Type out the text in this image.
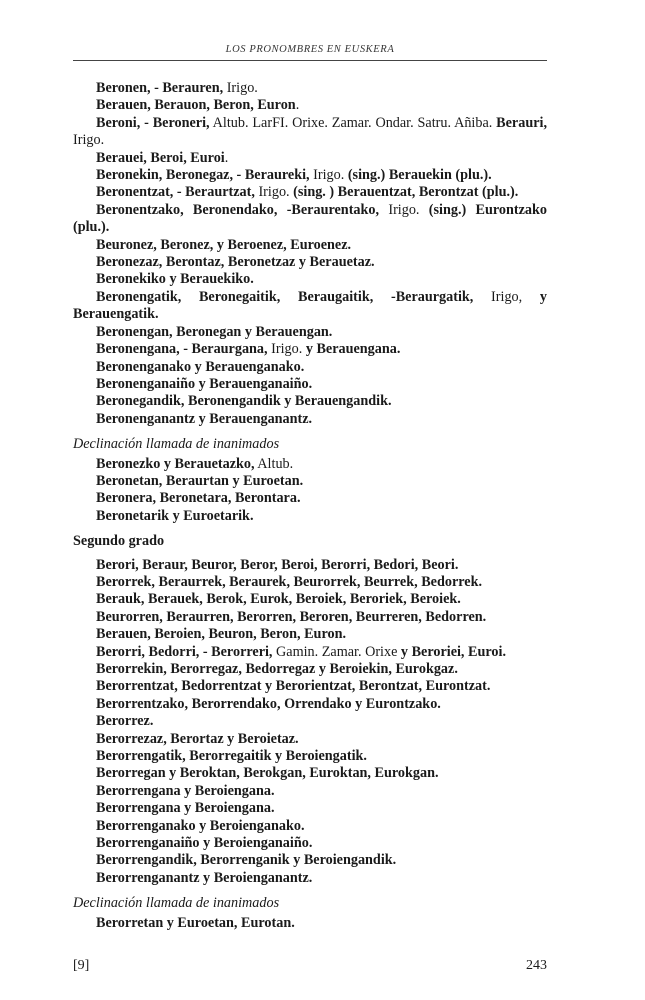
LOS PRONOMBRES EN EUSKERA

Beronen, - Berauren, Irigo.

Berauen, Berauon, Beron, Euron.

Beroni, - Beroneri, Altub. LarFI. Orixe. Zamar. Ondar. Satru. Añiba. Berauri, Irigo.

Berauei, Beroi, Euroi.

Beronekin, Beronegaz, - Beraureki, Irigo. (sing.) Berauekin (plu.).

Beronentzat, - Beraurtzat, Irigo. (sing. ) Berauentzat, Berontzat (plu.).

Beronentzako, Beronendako, -Beraurentako, Irigo. (sing.) Eurontzako (plu.).

Beuronez, Beronez, y Beroenez, Euroenez.

Beronezaz, Berontaz, Beronetzaz y Berauetaz.

Beronekiko y Berauekiko.

Beronengatik, Beronegaitik, Beraugaitik, -Beraurgatik, Irigo, y Berauengatik.

Beronengan, Beronegan y Berauengan.

Beronengana, - Beraurgana, Irigo. y Berauengana.

Beronenganako y Berauenganako.

Beronenganaiño y Berauenganaiño.

Beronegandik, Beronengandik y Berauengandik.

Beronenganantz y Berauenganantz.

Declinación llamada de inanimados

Beronezko y Berauetazko, Altub.

Beronetan, Beraurtan y Euroetan.

Beronera, Beronetara, Berontara.

Beronetarik y Euroetarik.

Segundo grado

Berori, Beraur, Beuror, Beror, Beroi, Berorri, Bedori, Beori.

Berorrek, Beraurrek, Beraurek, Beurorrek, Beurrek, Bedorrek.

Berauk, Berauek, Berok, Eurok, Beroiek, Beroriek, Beroiek.

Beurorren, Beraurren, Berorren, Beroren, Beurreren, Bedorren.

Berauen, Beroien, Beuron, Beron, Euron.

Berorri, Bedorri, - Berorreri, Gamin. Zamar. Orixe y Beroriei, Euroi.

Berorrekin, Berorregaz, Bedorregaz y Beroiekin, Eurokgaz.

Berorrentzat, Bedorrentzat y Berorientzat, Berontzat, Eurontzat.

Berorrentzako, Berorrendako, Orrendako y Eurontzako.

Berorrez.

Berorrezaz, Berortaz y Beroietaz.

Berorrengatik, Berorregaitik y Beroiengatik.

Berorregan y Beroktan, Berokgan, Euroktan, Eurokgan.

Berorrengana y Beroiengana.

Berorrengana y Beroiengana.

Berorrenganako y Beroienganako.

Berorrenganaiño y Beroienganaiño.

Berorrengandik, Berorrenganik y Beroiengandik.

Berorrenganantz y Beroienganantz.

Declinación llamada de inanimados

Berorretan y Euroetan, Eurotan.

[9]	243
